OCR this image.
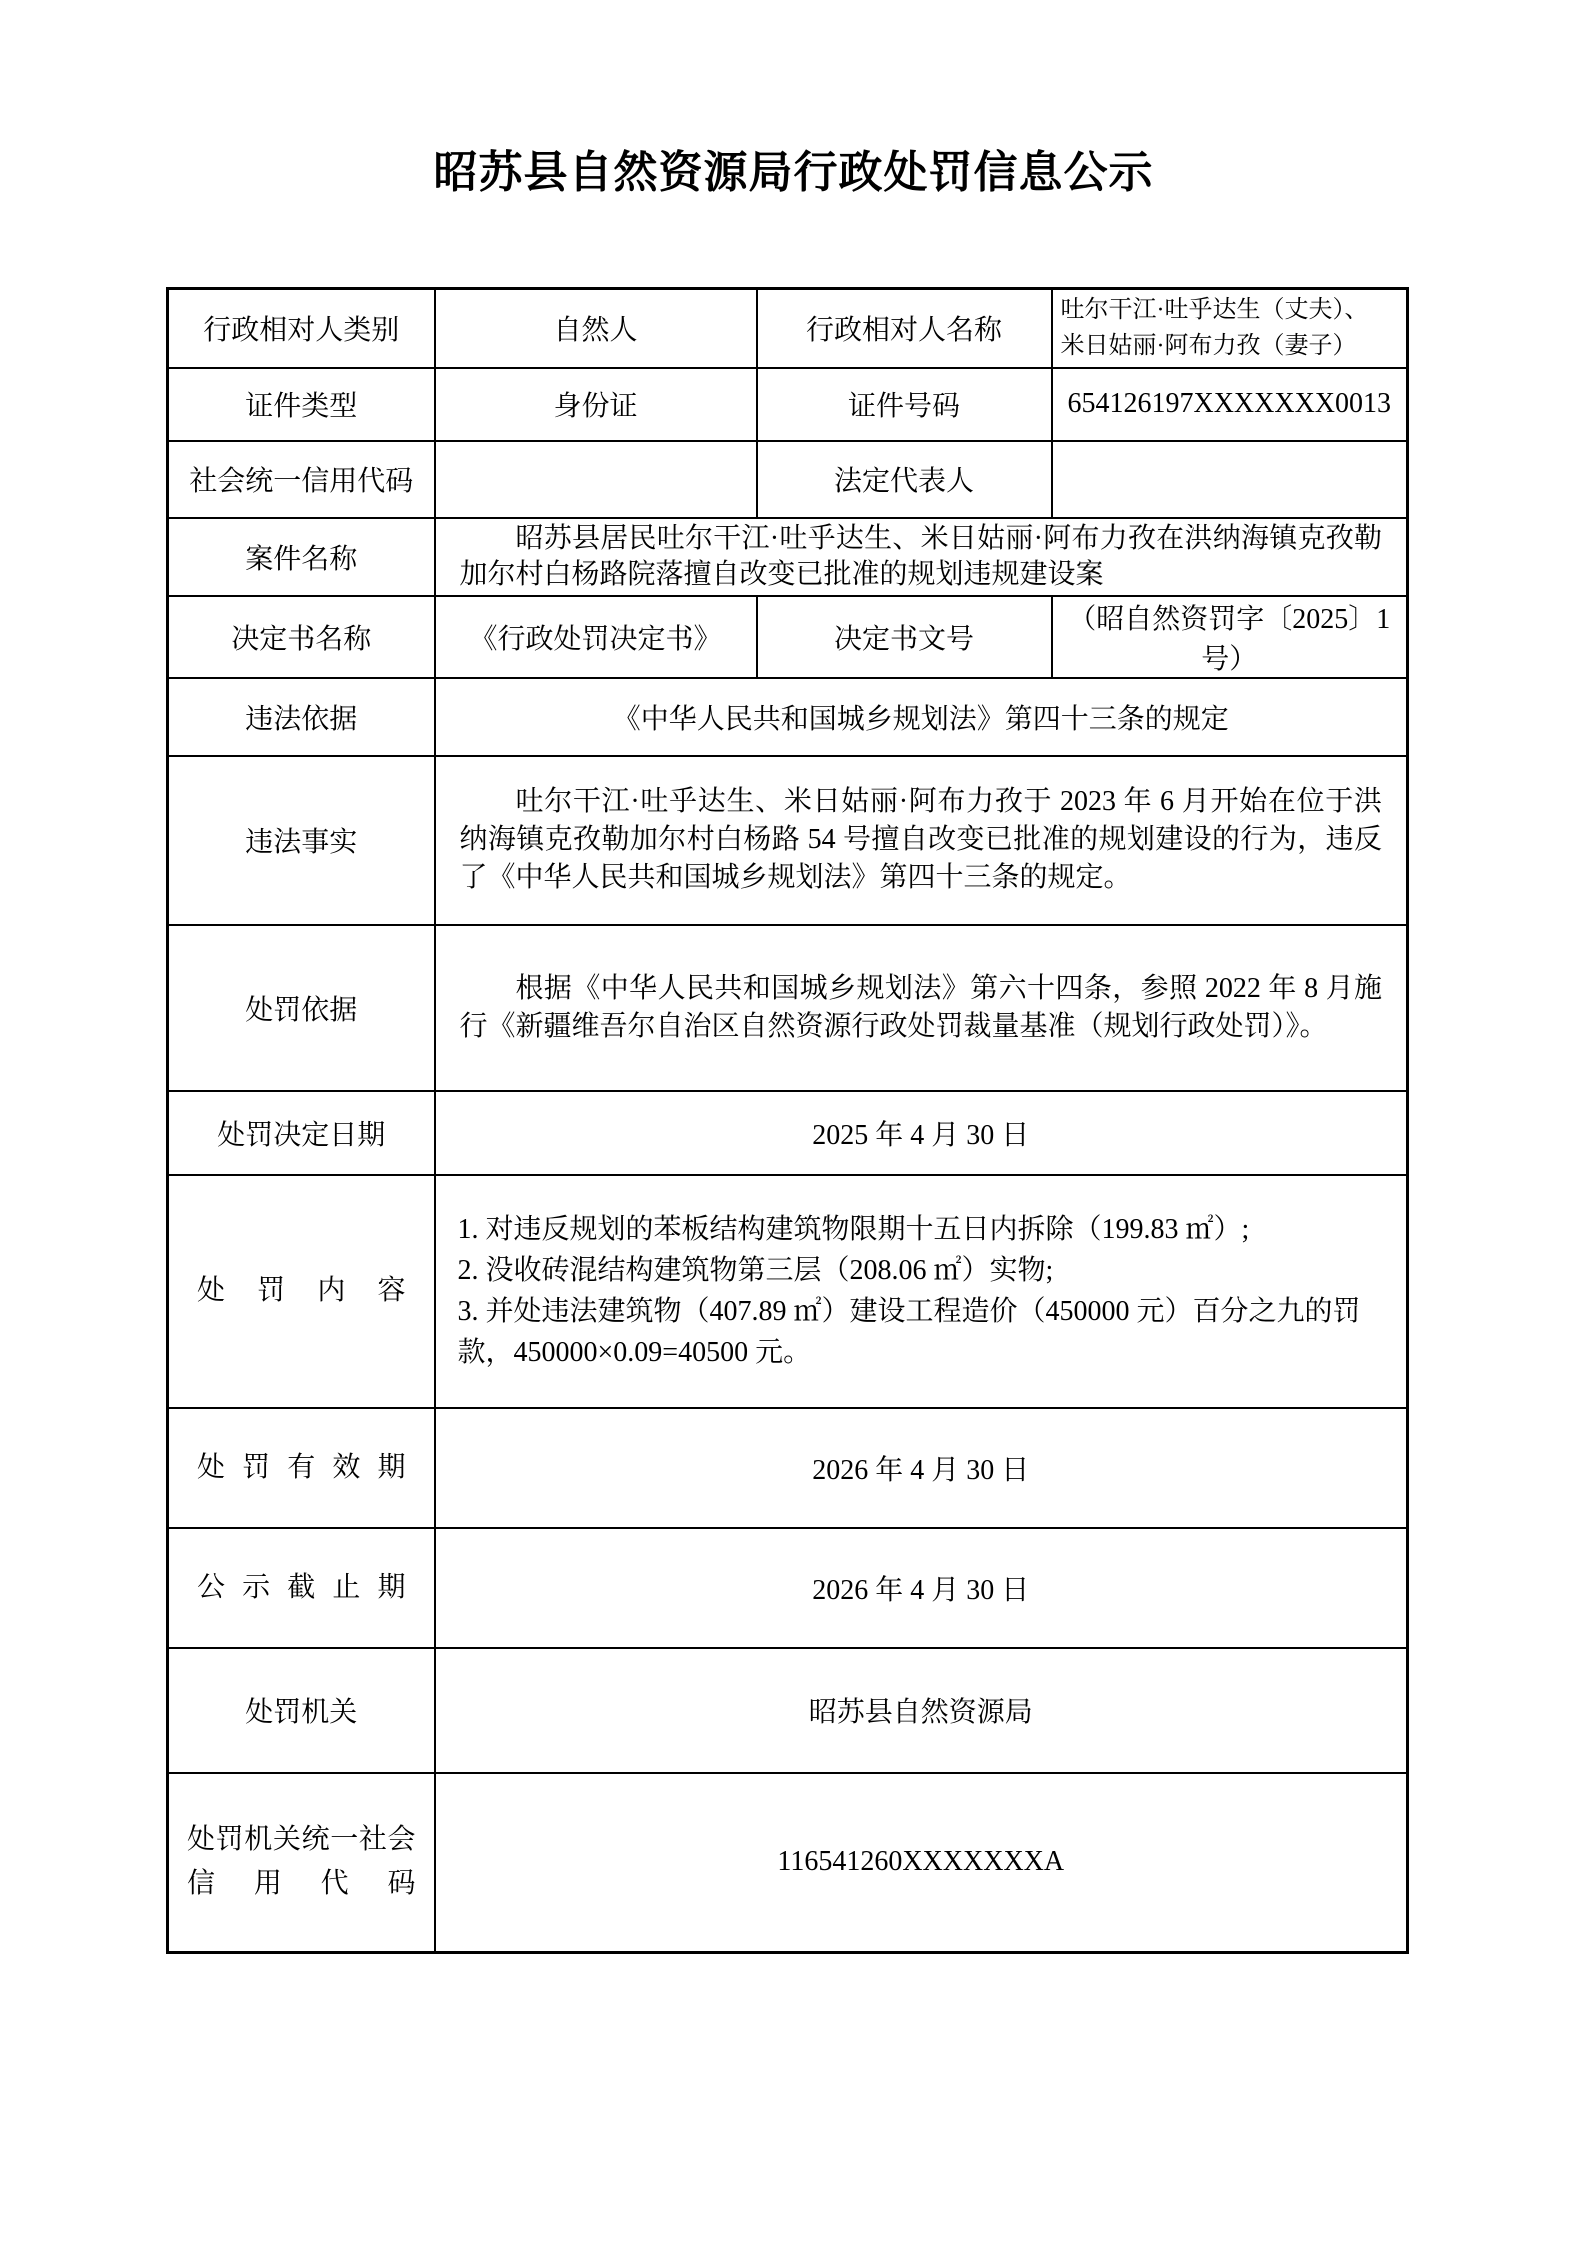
昭苏县自然资源局行政处罚信息公示
行政相对人类别	自然人	行政相对人名称	吐尔干江·吐乎达生（丈夫）、
米日姑丽·阿布力孜（妻子）

证件类型	身份证	证件号码	654126197XXXXXXX0013
社会统一信用代码		法定代表人	
案件名称	昭苏县居民吐尔干江·吐乎达生、米日姑丽·阿布力孜在洪纳海镇克孜勒加尔村白杨路院落擅自改变已批准的规划违规建设案		
决定书名称	《行政处罚决定书》	决定书文号	（昭自然资罚字〔2025〕1 号）
违法依据	《中华人民共和国城乡规划法》第四十三条的规定		
违法事实	吐尔干江·吐乎达生、米日姑丽·阿布力孜于 2023 年 6 月开始在位于洪纳海镇克孜勒加尔村白杨路 54 号擅自改变已批准的规划建设的行为，违反了《中华人民共和国城乡规划法》第四十三条的规定。		
处罚依据	根据《中华人民共和国城乡规划法》第六十四条，参照 2022 年 8 月施行《新疆维吾尔自治区自然资源行政处罚裁量基准（规划行政处罚）》。		
处罚决定日期	2025 年 4 月 30 日		
处罚内容	1. 对违反规划的苯板结构建筑物限期十五日内拆除（199.83 ㎡）;
2. 没收砖混结构建筑物第三层（208.06 ㎡）实物;
3. 并处违法建筑物（407.89 ㎡）建设工程造价（450000 元）百分之九的罚款，450000×0.09=40500 元。		

处罚有效期	2026 年 4 月 30 日		
公示截止期	2026 年 4 月 30 日		
处罚机关	昭苏县自然资源局		
处罚机关统一社会信用代码	116541260XXXXXXXA		
